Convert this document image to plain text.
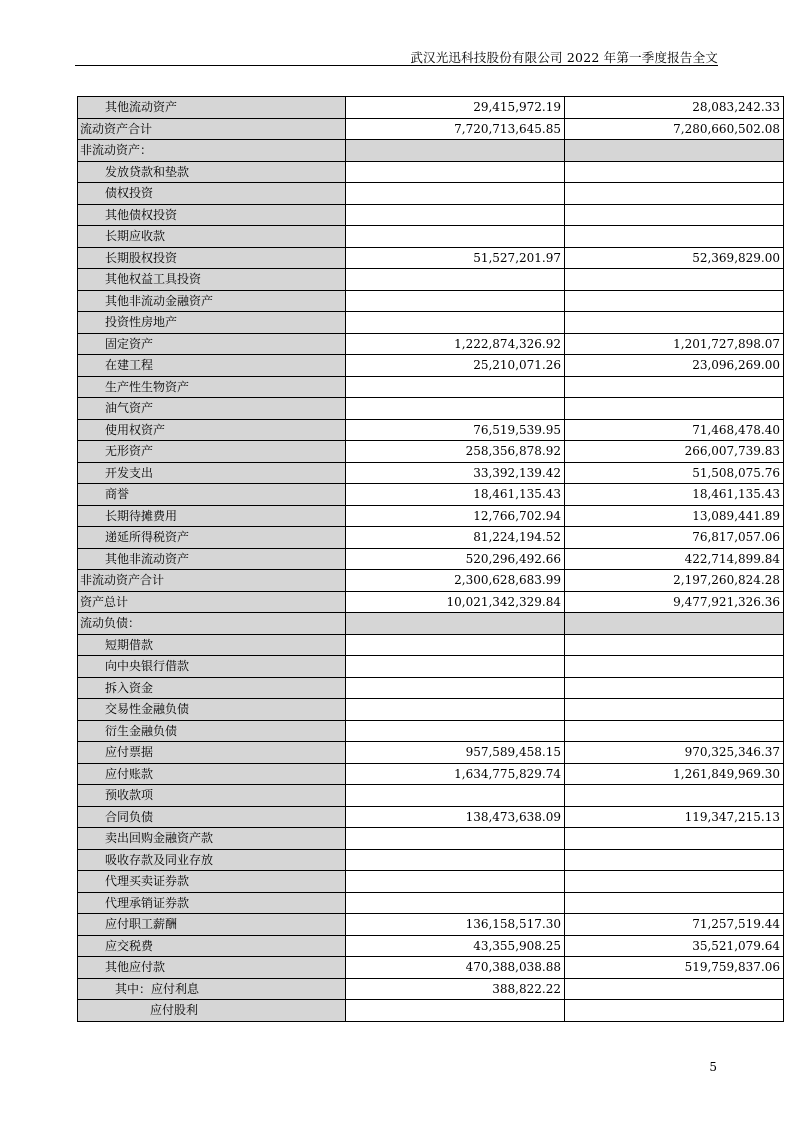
武汉光迅科技股份有限公司 2022 年第一季度报告全文
其他流动资产	29,415,972.19	28,083,242.33
流动资产合计	7,720,713,645.85	7,280,660,502.08
非流动资产：		
发放贷款和垫款		
债权投资		
其他债权投资		
长期应收款		
长期股权投资	51,527,201.97	52,369,829.00
其他权益工具投资		
其他非流动金融资产		
投资性房地产		
固定资产	1,222,874,326.92	1,201,727,898.07
在建工程	25,210,071.26	23,096,269.00
生产性生物资产		
油气资产		
使用权资产	76,519,539.95	71,468,478.40
无形资产	258,356,878.92	266,007,739.83
开发支出	33,392,139.42	51,508,075.76
商誉	18,461,135.43	18,461,135.43
长期待摊费用	12,766,702.94	13,089,441.89
递延所得税资产	81,224,194.52	76,817,057.06
其他非流动资产	520,296,492.66	422,714,899.84
非流动资产合计	2,300,628,683.99	2,197,260,824.28
资产总计	10,021,342,329.84	9,477,921,326.36
流动负债：		
短期借款		
向中央银行借款		
拆入资金		
交易性金融负债		
衍生金融负债		
应付票据	957,589,458.15	970,325,346.37
应付账款	1,634,775,829.74	1,261,849,969.30
预收款项		
合同负债	138,473,638.09	119,347,215.13
卖出回购金融资产款		
吸收存款及同业存放		
代理买卖证券款		
代理承销证券款		
应付职工薪酬	136,158,517.30	71,257,519.44
应交税费	43,355,908.25	35,521,079.64
其他应付款	470,388,038.88	519,759,837.06
其中：应付利息	388,822.22	
应付股利		
5
